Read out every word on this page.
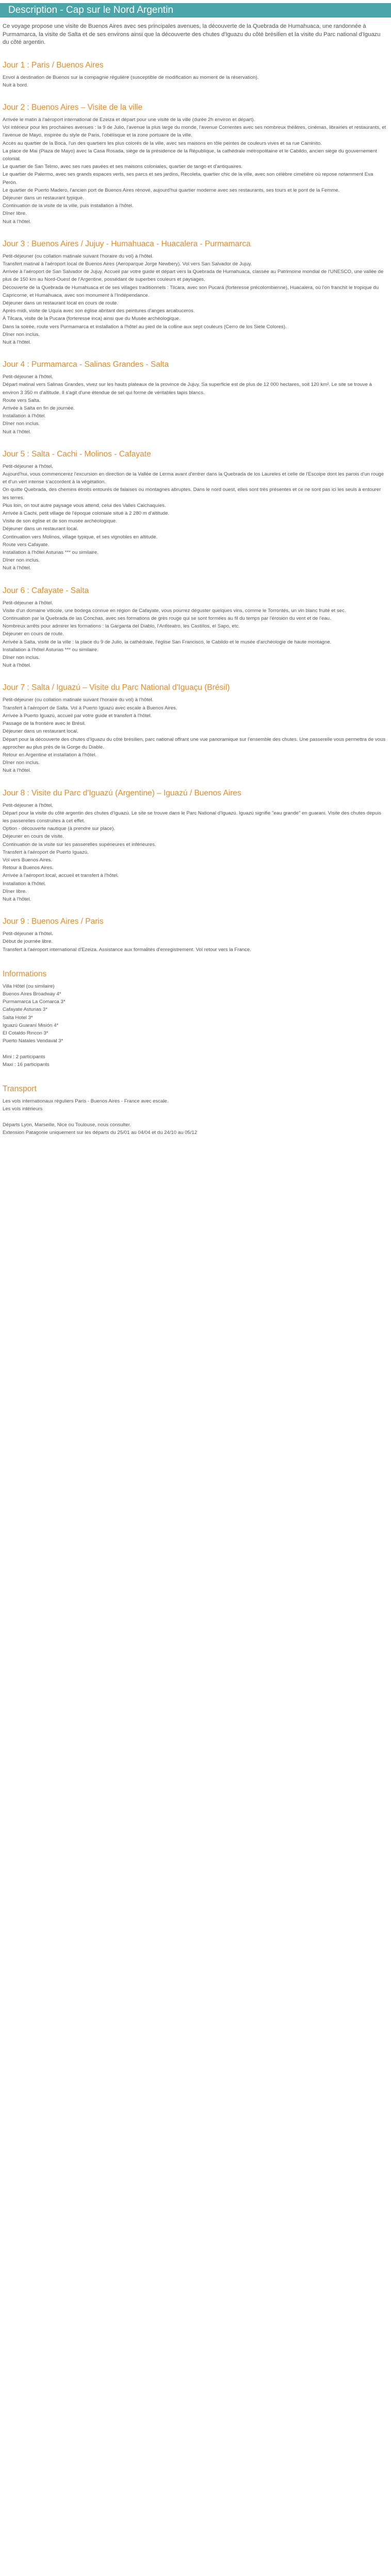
Description - Cap sur le Nord Argentin

Ce voyage propose une visite de Buenos Aires avec ses principales avenues, la découverte de la Quebrada de Humahuaca, une randonnée à Purmamarca, la visite de Salta et de ses environs ainsi que la découverte des chutes d'Iguazu du côté brésilien et la visite du Parc national d'Iguazu du côté argentin.

Jour 1 : Paris / Buenos Aires

Envol à destination de Buenos sur la compagnie régulière (susceptible de modification au moment de la réservation).

Nuit à bord.

Jour 2 : Buenos Aires – Visite de la ville

Arrivée le matin à l'aéroport international de Ezeiza et départ pour une visite de la ville (durée 2h environ et départ).

Vol intérieur pour les prochaines avenues : la 9 de Julio, l'avenue la plus large du monde, l'avenue Corrientes avec ses nombreux théâtres, cinémas, librairies et restaurants, et l'avenue de Mayo, inspirée du style de Paris, l'obélisque et la zone portuaire de la ville.

Accès au quartier de la Boca, l'un des quartiers les plus colorés de la ville, avec ses maisons en tôle peintes de couleurs vives et sa rue Caminito.

La place de Mai (Plaza de Mayo) avec la Casa Rosada, siège de la présidence de la République, la cathédrale métropolitaine et le Cabildo, ancien siège du gouvernement colonial.

Le quartier de San Telmo, avec ses rues pavées et ses maisons coloniales, quartier de tango et d'antiquaires.

Le quartier de Palermo, avec ses grands espaces verts, ses parcs et ses jardins, Recoleta, quartier chic de la ville, avec son célèbre cimetière où repose notamment Eva Perón.

Le quartier de Puerto Madero, l'ancien port de Buenos Aires rénové, aujourd'hui quartier moderne avec ses restaurants, ses tours et le pont de la Femme.

Déjeuner dans un restaurant typique.

Continuation de la visite de la ville, puis installation à l'hôtel.

Dîner libre.

Nuit à l'hôtel.

Jour 3 : Buenos Aires / Jujuy - Humahuaca - Huacalera - Purmamarca

Petit-déjeuner (ou collation matinale suivant l'horaire du vol) à l'hôtel.

Transfert matinal à l'aéroport local de Buenos Aires (Aeroparque Jorge Newbery). Vol vers San Salvador de Jujuy.

Arrivée à l'aéroport de San Salvador de Jujuy. Accueil par votre guide et départ vers la Quebrada de Humahuaca, classée au Patrimoine mondial de l'UNESCO, une vallée de plus de 150 km au Nord-Ouest de l'Argentine, possédant de superbes couleurs et paysages.

Découverte de la Quebrada de Humahuaca et de ses villages traditionnels : Tilcara, avec son Pucará (forteresse précolombienne), Huacalera, où l'on franchit le tropique du Capricorne, et Humahuaca, avec son monument à l'Indépendance.

Déjeuner dans un restaurant local en cours de route.

Après-midi, visite de Uquía avec son église abritant des peintures d'anges arcabuceros.

À Tilcara, visite de la Pucara (forteresse inca) ainsi que du Musée archéologique.

Dans la soirée, route vers Purmamarca et installation à l'hôtel au pied de la colline aux sept couleurs (Cerro de los Siete Colores).

Dîner non inclus.

Nuit à l'hôtel.

Jour 4 : Purmamarca - Salinas Grandes - Salta

Petit-déjeuner à l'hôtel.

Départ matinal vers Salinas Grandes, vivez sur les hauts plateaux de la province de Jujuy. Sa superficie est de plus de 12 000 hectares, soit 120 km². Le site se trouve à environ 3 350 m d'altitude. Il s'agit d'une étendue de sel qui forme de véritables tapis blancs.

Route vers Salta.

Arrivée à Salta en fin de journée.

Installation à l'hôtel.

Dîner non inclus.

Nuit à l'hôtel.

Jour 5 : Salta - Cachi - Molinos - Cafayate

Petit-déjeuner à l'hôtel.

Aujourd'hui, vous commencerez l'excursion en direction de la Vallée de Lerma avant d'entrer dans la Quebrada de los Laureles et celle de l'Escoipe dont les parois d'un rouge et d'un vert intense s'accordent à la végétation.

On quitte Quebrada, des chemins étroits entourés de falaises ou montagnes abruptes. Dans le nord ouest, elles sont très présentes et ce ne sont pas ici les seuls à entourer les terres.

Plus loin, on tout autre paysage vous attend, celui des Valles Calchaquíes.

Arrivée à Cachi, petit village de l'époque coloniale situé à 2 280 m d'altitude.

Visite de son église et de son musée archéologique.

Déjeuner dans un restaurant local.

Continuation vers Molinos, village typique, et ses vignobles en altitude.

Route vers Cafayate.

Installation à l'hôtel Asturias *** ou similaire.

Dîner non inclus.

Nuit à l'hôtel.

Jour 6 : Cafayate - Salta

Petit-déjeuner à l'hôtel.

Visite d'un domaine viticole, une bodega connue en région de Cafayate, vous pourrez déguster quelques vins, comme le Torrontés, un vin blanc fruité et sec.

Continuation par la Quebrada de las Conchas, avec ses formations de grès rouge qui se sont formées au fil du temps par l'érosion du vent et de l'eau.

Nombreux arrêts pour admirer les formations : la Garganta del Diablo, l'Anfiteatro, les Castillos, el Sapo, etc.

Déjeuner en cours de route.

Arrivée à Salta, visite de la ville : la place du 9 de Julio, la cathédrale, l'église San Francisco, le Cabildo et le musée d'archéologie de haute montagne.

Installation à l'hôtel Asturias *** ou similaire.

Dîner non inclus.

Nuit à l'hôtel.

Jour 7 : Salta / Iguazú – Visite du Parc National d'Iguaçu (Brésil)

Petit-déjeuner (ou collation matinale suivant l'horaire du vol) à l'hôtel.

Transfert à l'aéroport de Salta. Vol à Puerto Iguazú avec escale à Buenos Aires.

Arrivée à Puerto Iguazú, accueil par votre guide et transfert à l'hôtel.

Passage de la frontière avec le Brésil.

Déjeuner dans un restaurant local.

Départ pour la découverte des chutes d'Iguazu du côté brésilien, parc national offrant une vue panoramique sur l'ensemble des chutes. Une passerelle vous permettra de vous approcher au plus près de la Gorge du Diable.

Retour en Argentine et installation à l'hôtel.

Dîner non inclus.

Nuit à l'hôtel.

Jour 8 : Visite du Parc d'Iguazú (Argentine) – Iguazú / Buenos Aires

Petit-déjeuner à l'hôtel.

Départ pour la visite du côté argentin des chutes d'Iguazú. Le site se trouve dans le Parc National d'Iguazú. Iguazú signifie "eau grande" en guarani. Visite des chutes depuis les passerelles construites à cet effet.

Option - découverte nautique (à prendre sur place).

Déjeuner en cours de visite.

Continuation de la visite sur les passerelles supérieures et inférieures.

Transfert à l'aéroport de Puerto Iguazú.

Vol vers Buenos Aires.

Retour à Buenos Aires.

Arrivée à l'aéroport local, accueil et transfert à l'hôtel.

Installation à l'hôtel.

Dîner libre.

Nuit à l'hôtel.

Jour 9 : Buenos Aires / Paris

Petit-déjeuner à l'hôtel.

Début de journée libre.

Transfert à l'aéroport international d'Ezeiza. Assistance aux formalités d'enregistrement. Vol retour vers la France.

Informations

Villa Hôtel (ou similaire)

Buenos Aires Broadway 4*

Purmamarca La Comarca 3*

Cafayate Asturias 3*

Salta Hotel 3*

Iguazú Guaraní Misión 4*

El Cotaldo Rincon 3*

Puerto Natales Vendaval 3*

Mini : 2 participants

Maxi : 16 participants

Transport

Les vols internationaux réguliers Paris - Buenos Aires - France avec escale.

Les vols intérieurs

Départs Lyon, Marseille, Nice ou Toulouse, nous consulter.

Extension Patagonie uniquement sur les départs du 25/01 au 04/04 et du 24/10 au 05/12
